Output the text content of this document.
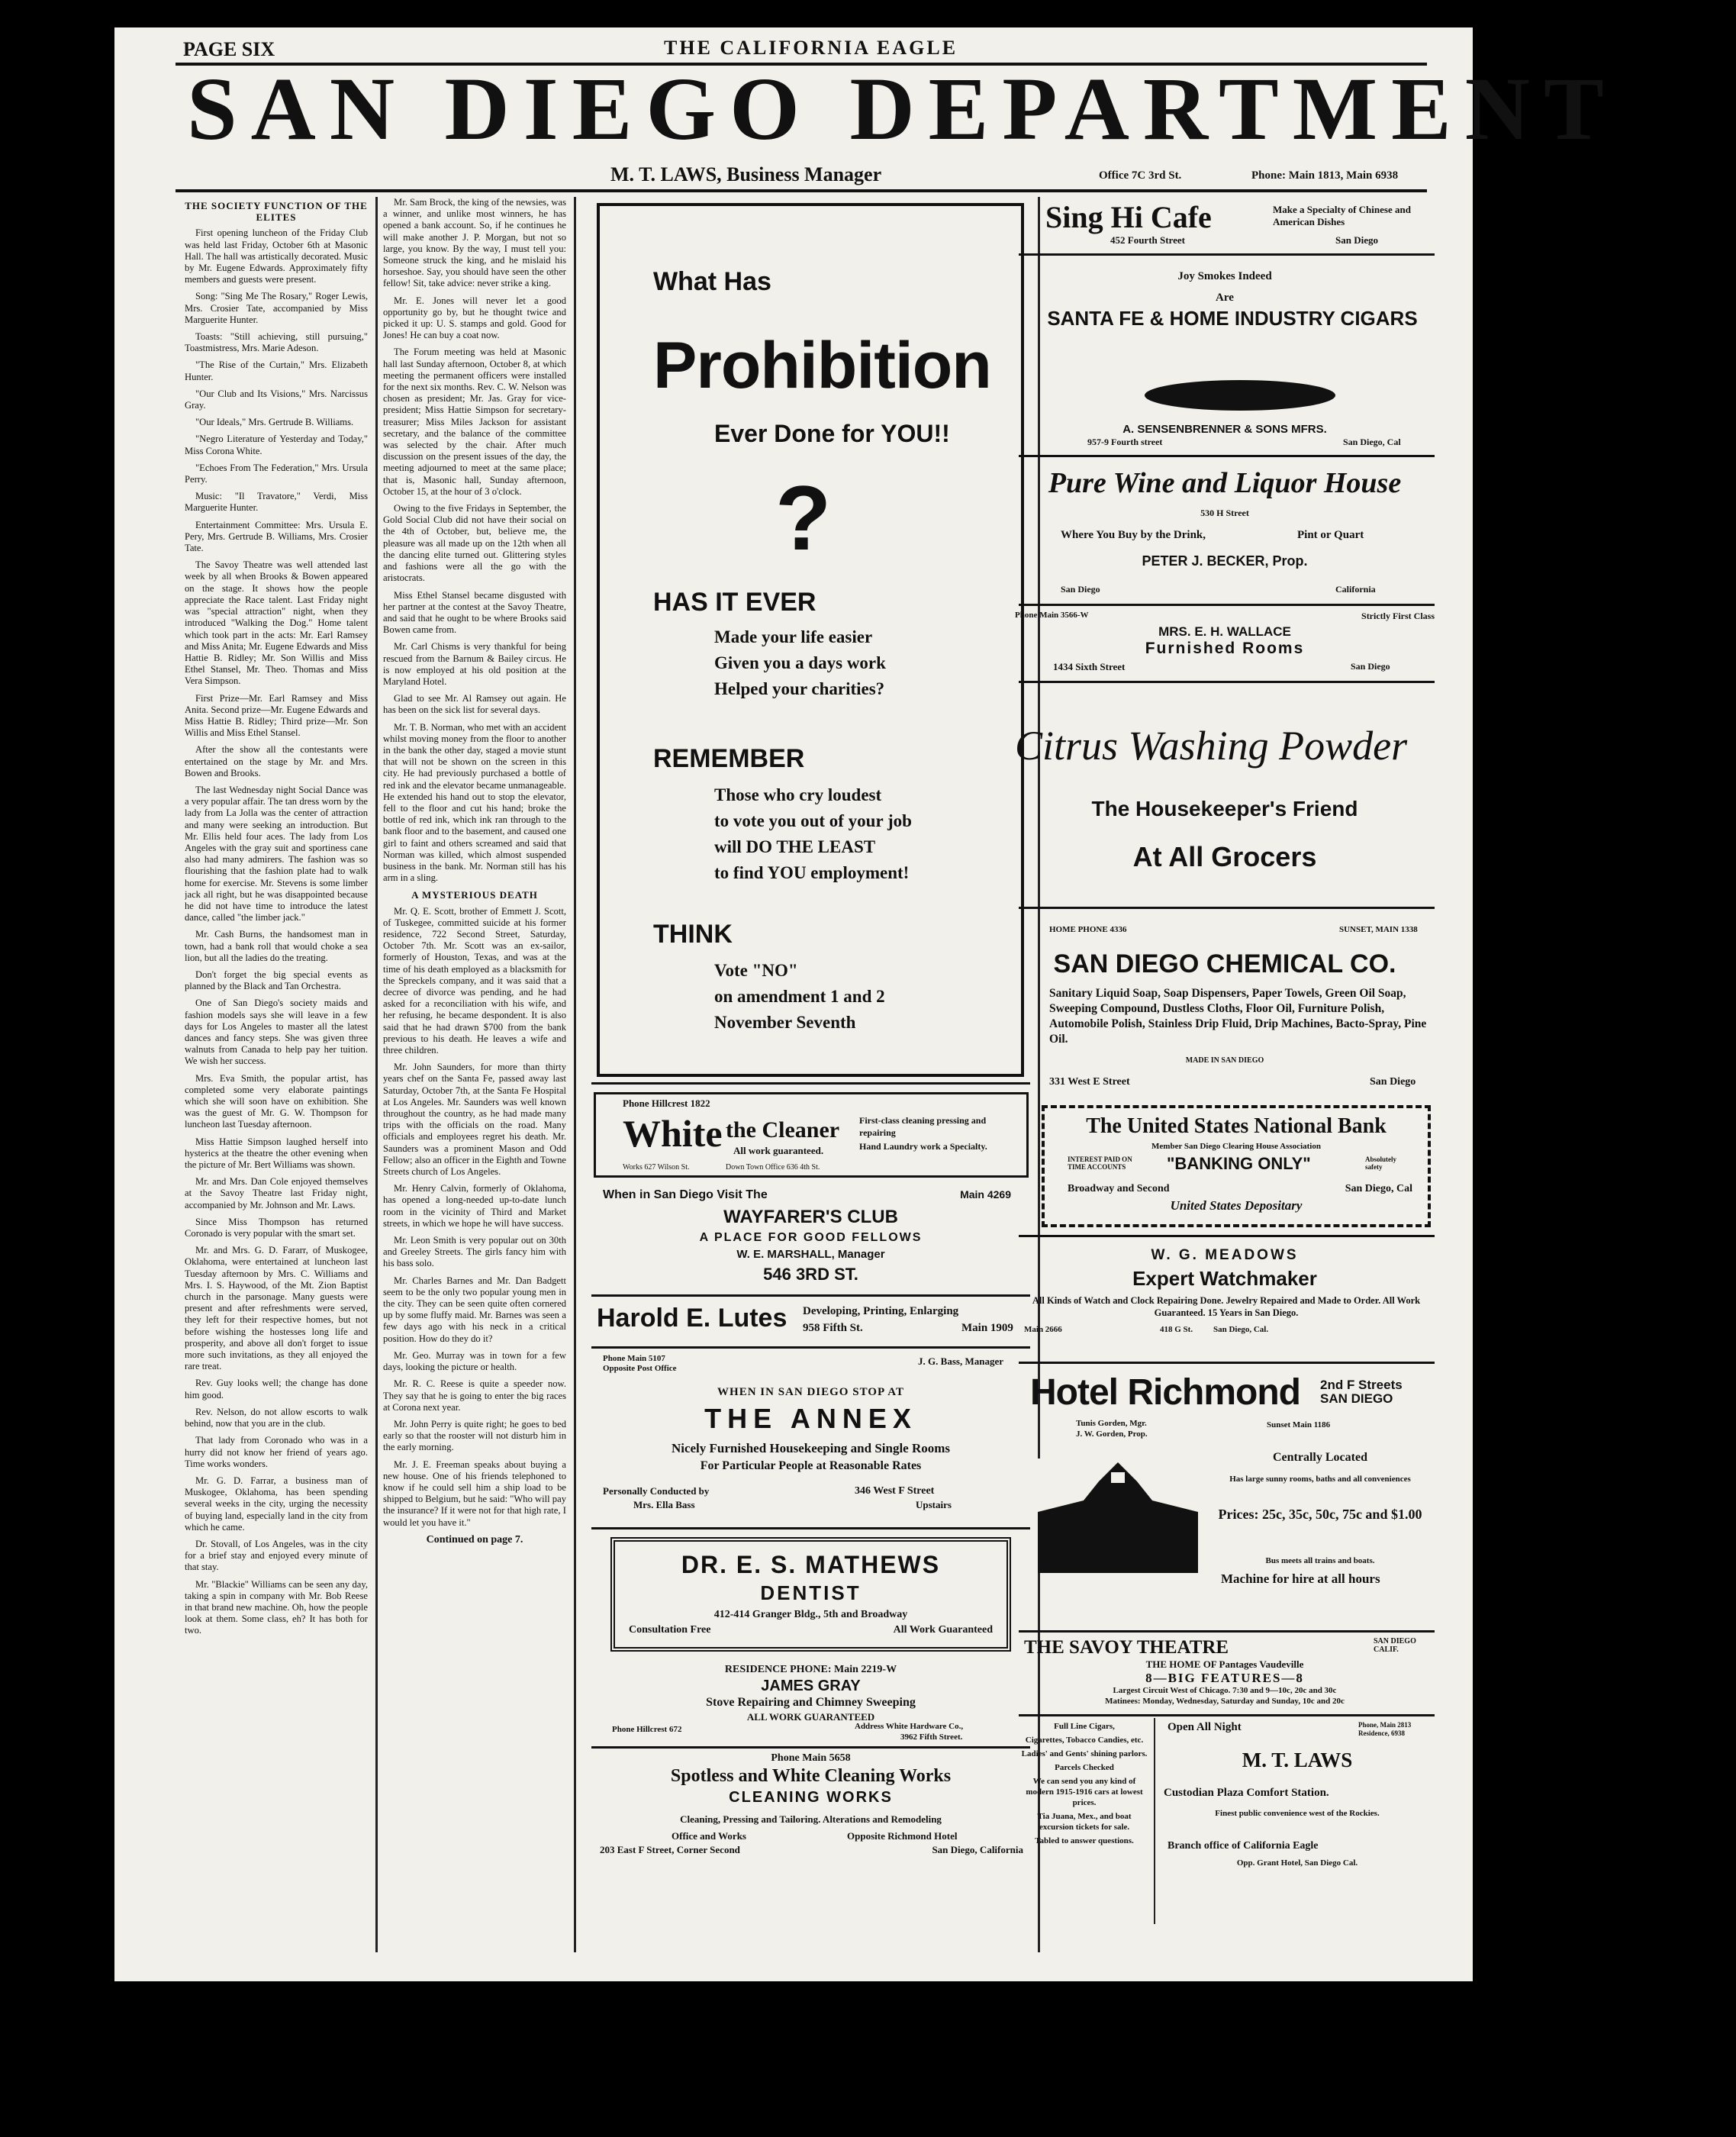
PAGE SIX	THE CALIFORNIA EAGLE
SAN DIEGO DEPARTMENT
M. T. LAWS, Business Manager	Office 7C 3rd St.	Phone: Main 1813, Main 6938
THE SOCIETY FUNCTION OF THE ELITES

First opening luncheon of the Friday Club was held last Friday, October 6th at Masonic Hall. The hall was artistically decorated. Music by Mr. Eugene Edwards. Approximately fifty members and guests were present.

Song: "Sing Me The Rosary," Roger Lewis, Mrs. Crosier Tate, accompanied by Miss Marguerite Hunter.

Toasts: "Still achieving, still pursuing," Toastmistress, Mrs. Marie Adeson.

"The Rise of the Curtain," Mrs. Elizabeth Hunter.

"Our Club and Its Visions," Mrs. Narcissus Gray.

"Our Ideals," Mrs. Gertrude B. Williams.

"Negro Literature of Yesterday and Today," Miss Corona White.

"Echoes From The Federation," Mrs. Ursula Perry.

Music: "Il Travatore," Verdi, Miss Marguerite Hunter.

Entertainment Committee: Mrs. Ursula E. Pery, Mrs. Gertrude B. Williams, Mrs. Crosier Tate.

The Savoy Theatre was well attended last week by all when Brooks & Bowen appeared on the stage. It shows how the people appreciate the Race talent. Last Friday night was "special attraction" night, when they introduced "Walking the Dog." Home talent which took part in the acts: Mr. Earl Ramsey and Miss Anita; Mr. Eugene Edwards and Miss Hattie B. Ridley; Mr. Son Willis and Miss Ethel Stansel, Mr. Theo. Thomas and Miss Vera Simpson.

First Prize—Mr. Earl Ramsey and Miss Anita. Second prize—Mr. Eugene Edwards and Miss Hattie B. Ridley; Third prize—Mr. Son Willis and Miss Ethel Stansel.

After the show all the contestants were entertained on the stage by Mr. and Mrs. Bowen and Brooks.

The last Wednesday night Social Dance was a very popular affair. The tan dress worn by the lady from La Jolla was the center of attraction and many were seeking an introduction. But Mr. Ellis held four aces. The lady from Los Angeles with the gray suit and sportiness cane also had many admirers. The fashion was so flourishing that the fashion plate had to walk home for exercise. Mr. Stevens is some limber jack all right, but he was disappointed because he did not have time to introduce the latest dance, called "the limber jack."

Mr. Cash Burns, the handsomest man in town, had a bank roll that would choke a sea lion, but all the ladies do the treating.

Don't forget the big special events as planned by the Black and Tan Orchestra.

One of San Diego's society maids and fashion models says she will leave in a few days for Los Angeles to master all the latest dances and fancy steps. She was given three walnuts from Canada to help pay her tuition. We wish her success.

Mrs. Eva Smith, the popular artist, has completed some very elaborate paintings which she will soon have on exhibition. She was the guest of Mr. G. W. Thompson for luncheon last Tuesday afternoon.

Miss Hattie Simpson laughed herself into hysterics at the theatre the other evening when the picture of Mr. Bert Williams was shown.

Mr. and Mrs. Dan Cole enjoyed themselves at the Savoy Theatre last Friday night, accompanied by Mr. Johnson and Mr. Laws.

Since Miss Thompson has returned Coronado is very popular with the smart set.

Mr. and Mrs. G. D. Fararr, of Muskogee, Oklahoma, were entertained at luncheon last Tuesday afternoon by Mrs. C. Williams and Mrs. I. S. Haywood, of the Mt. Zion Baptist church in the parsonage. Many guests were present and after refreshments were served, they left for their respective homes, but not before wishing the hostesses long life and prosperity, and above all don't forget to issue more such invitations, as they all enjoyed the rare treat.

Rev. Guy looks well; the change has done him good.

Rev. Nelson, do not allow escorts to walk behind, now that you are in the club.

That lady from Coronado who was in a hurry did not know her friend of years ago. Time works wonders.

Mr. G. D. Farrar, a business man of Muskogee, Oklahoma, has been spending several weeks in the city, urging the necessity of buying land, especially land in the city from which he came.

Dr. Stovall, of Los Angeles, was in the city for a brief stay and enjoyed every minute of that stay.

Mr. "Blackie" Williams can be seen any day, taking a spin in company with Mr. Bob Reese in that brand new machine. Oh, how the people look at them. Some class, eh? It has both for two.

Mr. Sam Brock, the king of the newsies, was a winner, and unlike most winners, he has opened a bank account. So, if he continues he will make another J. P. Morgan, but not so large, you know. By the way, I must tell you: Someone struck the king, and he mislaid his horseshoe. Say, you should have seen the other fellow! Sit, take advice: never strike a king.

Mr. E. Jones will never let a good opportunity go by, but he thought twice and picked it up: U. S. stamps and gold. Good for Jones! He can buy a coat now.

The Forum meeting was held at Masonic hall last Sunday afternoon, October 8, at which meeting the permanent officers were installed for the next six months. Rev. C. W. Nelson was chosen as president; Mr. Jas. Gray for vice-president; Miss Hattie Simpson for secretary-treasurer; Miss Miles Jackson for assistant secretary, and the balance of the committee was selected by the chair. After much discussion on the present issues of the day, the meeting adjourned to meet at the same place; that is, Masonic hall, Sunday afternoon, October 15, at the hour of 3 o'clock.

Owing to the five Fridays in September, the Gold Social Club did not have their social on the 4th of October, but, believe me, the pleasure was all made up on the 12th when all the dancing elite turned out. Glittering styles and fashions were all the go with the aristocrats.

Miss Ethel Stansel became disgusted with her partner at the contest at the Savoy Theatre, and said that he ought to be where Brooks said Bowen came from.

Mr. Carl Chisms is very thankful for being rescued from the Barnum & Bailey circus. He is now employed at his old position at the Maryland Hotel.

Glad to see Mr. Al Ramsey out again. He has been on the sick list for several days.

Mr. T. B. Norman, who met with an accident whilst moving money from the floor to another in the bank the other day, staged a movie stunt that will not be shown on the screen in this city. He had previously purchased a bottle of red ink and the elevator became unmanageable. He extended his hand out to stop the elevator, fell to the floor and cut his hand; broke the bottle of red ink, which ink ran through to the bank floor and to the basement, and caused one girl to faint and others screamed and said that Norman was killed, which almost suspended business in the bank. Mr. Norman still has his arm in a sling.

A MYSTERIOUS DEATH

Mr. Q. E. Scott, brother of Emmett J. Scott, of Tuskegee, committed suicide at his former residence, 722 Second Street, Saturday, October 7th. Mr. Scott was an ex-sailor, formerly of Houston, Texas, and was at the time of his death employed as a blacksmith for the Spreckels company, and it was said that a decree of divorce was pending, and he had asked for a reconciliation with his wife, and her refusing, he became despondent. It is also said that he had drawn $700 from the bank previous to his death. He leaves a wife and three children.

Mr. John Saunders, for more than thirty years chef on the Santa Fe, passed away last Saturday, October 7th, at the Santa Fe Hospital at Los Angeles. Mr. Saunders was well known throughout the country, as he had made many trips with the officials on the road. Many officials and employees regret his death. Mr. Saunders was a prominent Mason and Odd Fellow; also an officer in the Eighth and Towne Streets church of Los Angeles.

Mr. Henry Calvin, formerly of Oklahoma, has opened a long-needed up-to-date lunch room in the vicinity of Third and Market streets, in which we hope he will have success.

Mr. Leon Smith is very popular out on 30th and Greeley Streets. The girls fancy him with his bass solo.

Mr. Charles Barnes and Mr. Dan Badgett seem to be the only two popular young men in the city. They can be seen quite often cornered up by some fluffy maid. Mr. Barnes was seen a few days ago with his neck in a critical position. How do they do it?

Mr. Geo. Murray was in town for a few days, looking the picture or health.

Mr. R. C. Reese is quite a speeder now. They say that he is going to enter the big races at Corona next year.

Mr. John Perry is quite right; he goes to bed early so that the rooster will not disturb him in the early morning.

Mr. J. E. Freeman speaks about buying a new house. One of his friends telephoned to know if he could sell him a ship load to be shipped to Belgium, but he said: "Who will pay the insurance? If it were not for that high rate, I would let you have it."

Continued on page 7.
What Has
Prohibition
Ever Done for YOU!!
?
HAS IT EVER
Made your life easier
Given you a days work
Helped your charities?
REMEMBER
Those who cry loudest
to vote you out of your job
will DO THE LEAST
to find YOU employment!
THINK
Vote "NO"
on amendment 1 and 2
November Seventh
Phone Hillcrest 1822
White the Cleaner First-class cleaning pressing and repairing
All work guaranteed.	Hand Laundry work a Specialty.
Works 627 Wilson St.	Down Town Office 636 4th St.
When in San Diego Visit The	Main 4269
WAYFARER'S CLUB
A PLACE FOR GOOD FELLOWS
W. E. MARSHALL, Manager
546 3RD ST.
Harold E. Lutes Developing, Printing, Enlarging
958 Fifth St.	Main 1909
Phone Main 5107
Opposite Post Office
J. G. Bass, Manager
WHEN IN SAN DIEGO STOP AT
THE ANNEX
Nicely Furnished Housekeeping and Single Rooms
For Particular People at Reasonable Rates
Personally Conducted by
Mrs. Ella Bass
346 West F Street
Upstairs
DR. E. S. MATHEWS
DENTIST
412-414 Granger Bldg., 5th and Broadway
Consultation Free	All Work Guaranteed
RESIDENCE PHONE: Main 2219-W
JAMES GRAY
Stove Repairing and Chimney Sweeping
ALL WORK GUARANTEED
Phone Hillcrest 672	Address White Hardware Co.,
3962 Fifth Street.
Phone Main 5658
Spotless and White Cleaning Works
CLEANING WORKS
Cleaning, Pressing and Tailoring. Alterations and Remodeling
Office and Works	Opposite Richmond Hotel
203 East F Street, Corner Second	San Diego, California
Sing Hi Cafe	Make a Specialty of Chinese and American Dishes
452 Fourth Street	San Diego
Joy Smokes Indeed
Are
SANTA FE & HOME INDUSTRY CIGARS
A. SENSENBRENNER & SONS MFRS.
957-9 Fourth street	San Diego, Cal
Pure Wine and Liquor House
530 H Street
Where You Buy by the Drink,	Pint or Quart
PETER J. BECKER, Prop.
San Diego	California
Phone Main 3566-W	Strictly First Class
MRS. E. H. WALLACE
Furnished Rooms
1434 Sixth Street	San Diego
Citrus Washing Powder
The Housekeeper's Friend
At All Grocers
HOME PHONE 4336	SUNSET, MAIN 1338
SAN DIEGO CHEMICAL CO.
Sanitary Liquid Soap, Soap Dispensers, Paper Towels, Green Oil Soap, Sweeping Compound, Dustless Cloths, Floor Oil, Furniture Polish, Automobile Polish, Stainless Drip Fluid, Drip Machines, Bacto-Spray, Pine Oil.
MADE IN SAN DIEGO
331 West E Street	San Diego
The United States National Bank
Member San Diego Clearing House Association
INTEREST PAID ON TIME ACCOUNTS	"BANKING ONLY"	Absolutely safety
Broadway and Second	San Diego, Cal
United States Depositary
W. G. MEADOWS
Expert Watchmaker
All Kinds of Watch and Clock Repairing Done. Jewelry Repaired and Made to Order. All Work Guaranteed. 15 Years in San Diego.
Main 2666	418 G St. San Diego, Cal.
Hotel Richmond 2nd F Streets
SAN DIEGO
Tunis Gorden, Mgr.
J. W. Gorden, Prop.
Sunset Main 1186
Centrally Located
Has large sunny rooms, baths and all conveniences
Prices: 25c, 35c, 50c, 75c and $1.00
Bus meets all trains and boats.
Machine for hire at all hours
THE SAVOY THEATRE	SAN DIEGO CALIF.
THE HOME OF Pantages Vaudeville
8—BIG FEATURES—8
Largest Circuit West of Chicago. 7:30 and 9—10c, 20c and 30c
Matinees: Monday, Wednesday, Saturday and Sunday, 10c and 20c
Full Line Cigars,
Cigarettes, Tobacco Candies, etc.
Ladies' and Gents' shining parlors.
Parcels Checked
We can send you any kind of modern 1915-1916 cars at lowest prices.
Tia Juana, Mex., and boat excursion tickets for sale.
Tabled to answer questions.
Open All Night	Phone, Main 2813 Residence, 6938
M. T. LAWS
Custodian Plaza Comfort Station.
Finest public convenience west of the Rockies.
Branch office of California Eagle
Opp. Grant Hotel, San Diego Cal.
